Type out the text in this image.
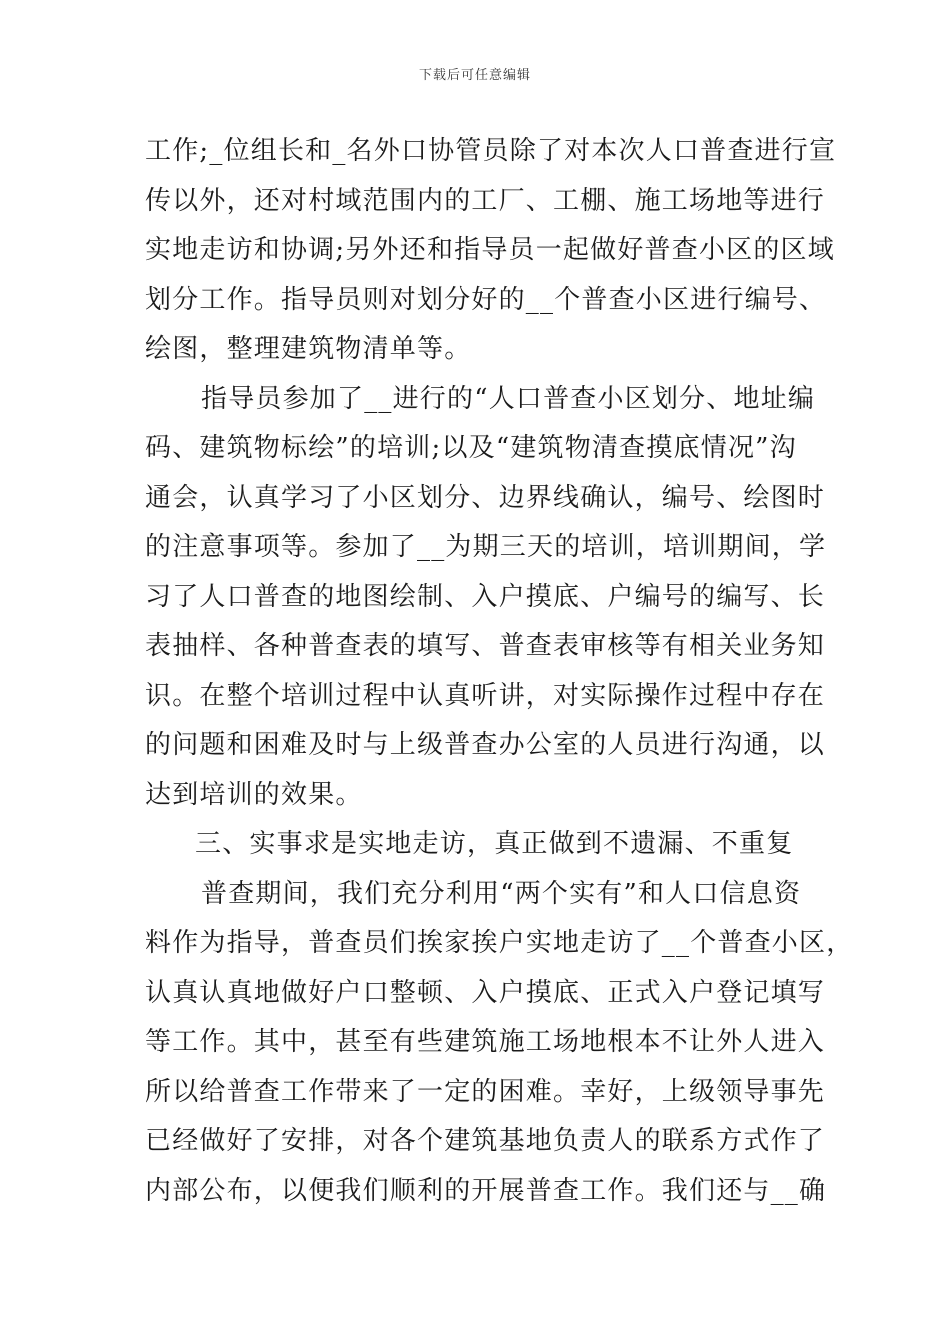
下载后可任意编辑
工作;_位组长和_名外口协管员除了对本次人口普查进行宣
传以外，还对村域范围内的工厂、工棚、施工场地等进行
实地走访和协调;另外还和指导员一起做好普查小区的区域
划分工作。指导员则对划分好的__个普查小区进行编号、
绘图，整理建筑物清单等。
指导员参加了__进行的“人口普查小区划分、地址编
码、建筑物标绘”的培训;以及“建筑物清查摸底情况”沟
通会，认真学习了小区划分、边界线确认，编号、绘图时
的注意事项等。参加了__为期三天的培训，培训期间，学
习了人口普查的地图绘制、入户摸底、户编号的编写、长
表抽样、各种普查表的填写、普查表审核等有相关业务知
识。在整个培训过程中认真听讲，对实际操作过程中存在
的问题和困难及时与上级普查办公室的人员进行沟通，以
达到培训的效果。
三、实事求是实地走访，真正做到不遗漏、不重复
普查期间，我们充分利用“两个实有”和人口信息资
料作为指导，普查员们挨家挨户实地走访了__个普查小区，
认真认真地做好户口整顿、入户摸底、正式入户登记填写
等工作。其中，甚至有些建筑施工场地根本不让外人进入
所以给普查工作带来了一定的困难。幸好，上级领导事先
已经做好了安排，对各个建筑基地负责人的联系方式作了
内部公布，以便我们顺利的开展普查工作。我们还与__确
